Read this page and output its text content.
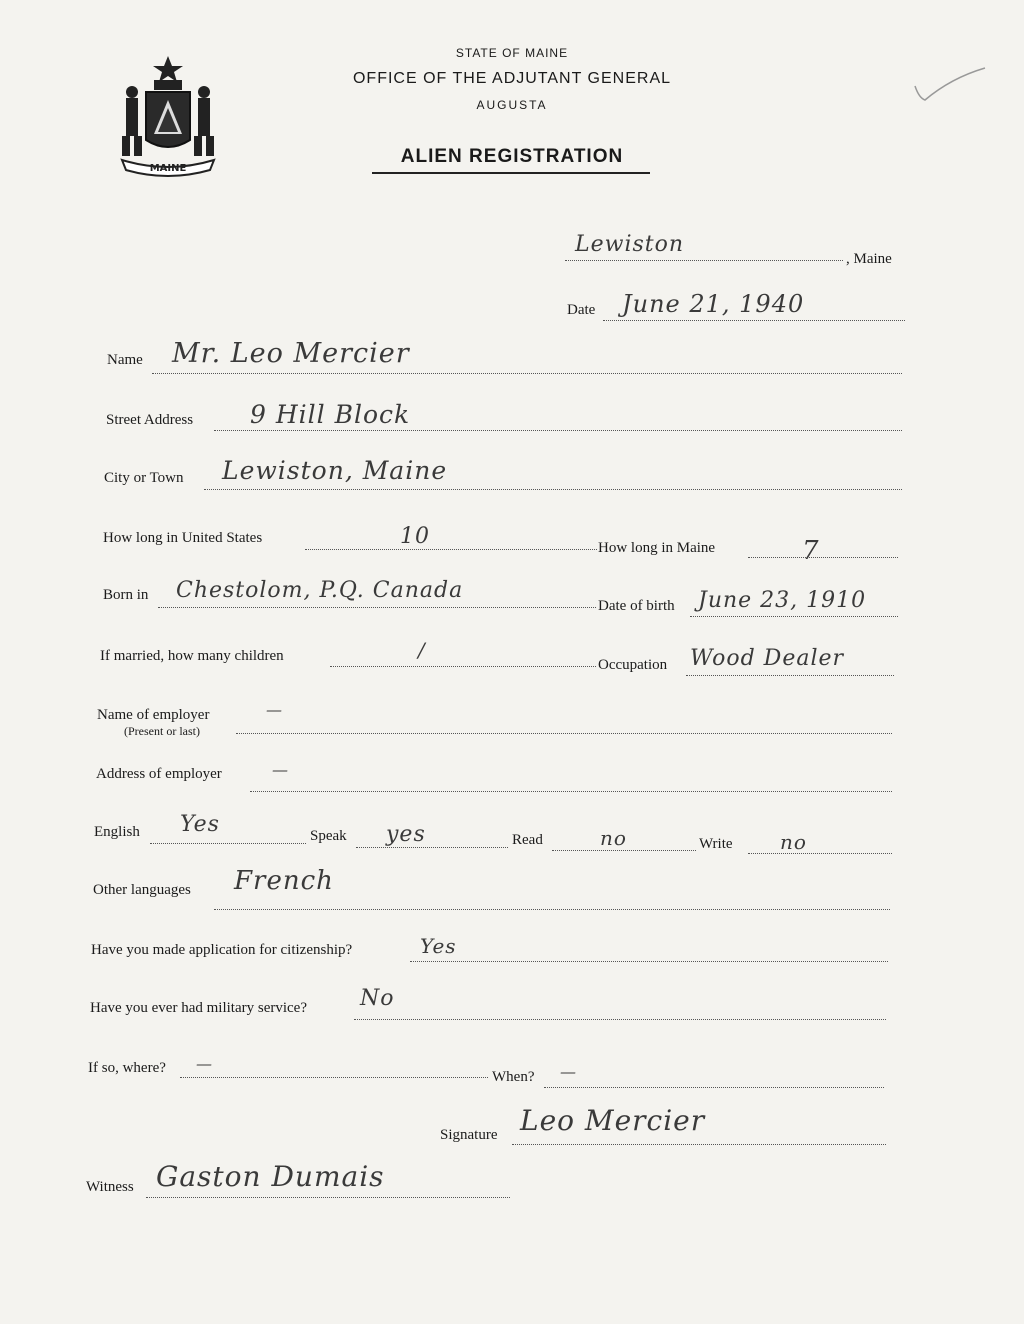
MAINE
STATE OF MAINE
OFFICE OF THE ADJUTANT GENERAL
AUGUSTA
ALIEN REGISTRATION
Lewiston
, Maine
Date June 21, 1940
Name Mr. Leo Mercier
Street Address 9 Hill Block
City or Town Lewiston, Maine
How long in United States	10	How long in Maine	7
Born in Chestolom, P.Q. Canada
Date of birth June 23, 1910
If married, how many children	/
Occupation Wood Dealer
Name of employer
(Present or last)
—
Address of employer	—
English Yes	Speak yes	Read	no	Write no
Other languages French
Have you made application for citizenship?	Yes
Have you ever had military service? No
If so, where? —
When? —
Signature Leo Mercier
Witness Gaston Dumais
